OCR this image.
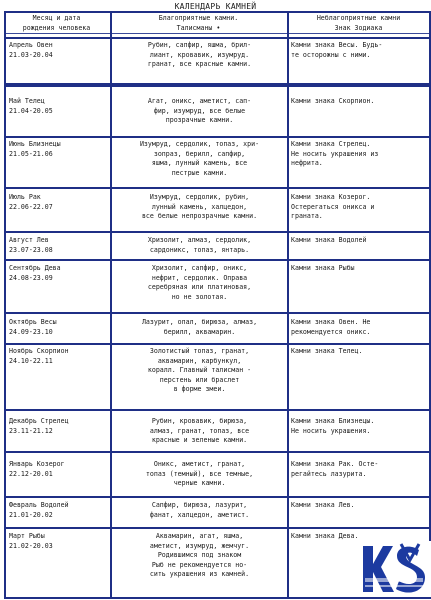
КАЛЕНДАРЬ КАМНЕЙ
Месяц и дата
рождения человека
Благоприятные камни.
Талисманы •
Неблагоприятные камни
Знак Зодиака
Апрель Овен
21.03-20.04
Рубин, сапфир, яшма, брил-
лиант, кровавик, изумруд.
гранат, все красные камни.
Камни знака Весы. Будь-
те осторожны с ними.
Май Телец
21.04-20.05
Агат, оникс, аметист, сап-
фир, изумруд, все белые
прозрачные камни.
Камни знака Скорпион.
Июнь Близнецы
21.05-21.06
Изумруд, сердолик, топаз, хри-
зопраз, берилл, сапфир,
яшма, лунный камень, все
пестрые камни.
Камни знака Стрелец.
Не носить украшения из
нефрита.
Июль Рак
22.06-22.07
Изумруд, сердолик, рубин,
лунный камень, халцедон,
все белые непрозрачные камни.
Камни знака Козерог.
Остерегаться оникса и
граната.
Август Лев
23.07-23.08
Хризолит, алмаз, сердолик,
сардоникс, топаз, янтарь.
Камни знака Водолей
Сентябрь Дева
24.08-23.09
Хризолит, сапфир, оникс,
нефрит, сердолик. Оправа
серебряная или платиновая,
но не золотая.
Камни знака Рыбы
Октябрь Весы
24.09-23.10
Лазурит, опал, бирюза, алмаз,
берилл, аквамарин.
Камни знака Овен. Не
рекомендуется оникс.
Ноябрь Скорпион
24.10-22.11
Золотистый топаз, гранат,
аквамарин, карбункул,
коралл. Главный талисман -
перстень или браслет
в форме змеи.
Камни знака Телец.
Декабрь Стрелец
23.11-21.12
Рубин, кровавик, бирюза,
алмаз, гранат, топаз, все
красные и зеленые камни.
Камни знака Близнецы.
Не носить украшения.
Январь Козерог
22.12-20.01
Оникс, аметист, гранат,
топаз (темный), все темные,
черные камни.
Камни знака Рак. Осте-
регайтесь лазурита.
Февраль Водолей
21.01-20.02
Сапфир, бирюза, лазурит,
фанат, халцедон, аметист.
Камни знака Лев.
Март Рыбы
21.02-20.03
Аквамарин, агат, яшма,
аметист, изумруд, жемчуг.
Родившимся под знаком
Рыб не рекомендуется но-
сить украшения из камней.
Камни знака Дева.
